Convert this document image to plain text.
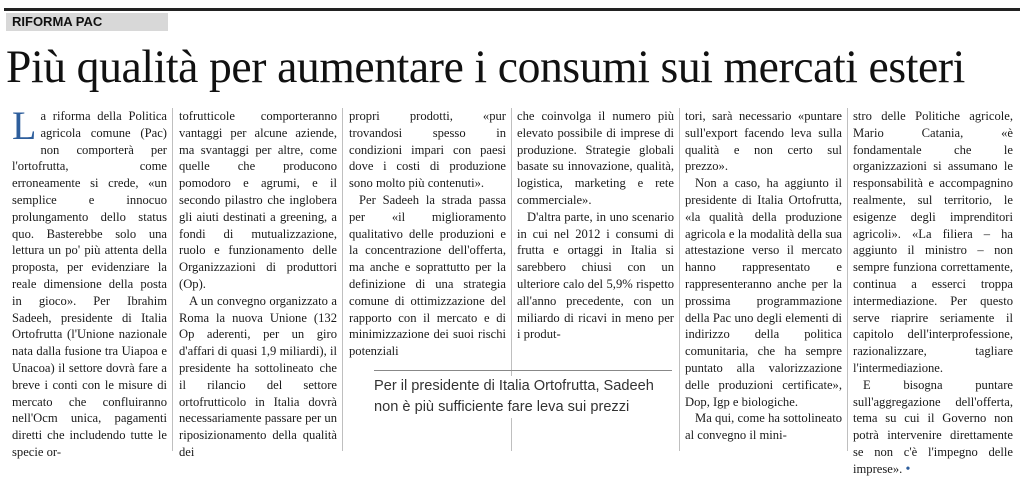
RIFORMA PAC
Più qualità per aumentare i consumi sui mercati esteri

La riforma della Politica agricola comune (Pac) non comporterà per l'ortofrutta, come erroneamente si crede, «un semplice e innocuo prolungamento dello status quo. Basterebbe solo una lettura un po' più attenta della proposta, per evidenziare la reale dimensione della posta in gioco». Per Ibrahim Sadeeh, presidente di Italia Ortofrutta (l'Unione nazionale nata dalla fusione tra Uiapoa e Unacoa) il settore dovrà fare a breve i conti con le misure di mercato che confluiranno nell'Ocm unica, pagamenti diretti che includendo tutte le specie or-

tofrutticole comporteranno vantaggi per alcune aziende, ma svantaggi per altre, come quelle che producono pomodoro e agrumi, e il secondo pilastro che inglobera gli aiuti destinati a greening, a fondi di mutualizzazione, ruolo e funzionamento delle Organizzazioni di produttori (Op).

A un convegno organizzato a Roma la nuova Unione (132 Op aderenti, per un giro d'affari di quasi 1,9 miliardi), il presidente ha sottolineato che il rilancio del settore ortofrutticolo in Italia dovrà necessariamente passare per un riposizionamento della qualità dei

propri prodotti, «pur trovandosi spesso in condizioni impari con paesi dove i costi di produzione sono molto più contenuti».

Per Sadeeh la strada passa per «il miglioramento qualitativo delle produzioni e la concentrazione dell'offerta, ma anche e soprattutto per la definizione di una strategia comune di ottimizzazione del rapporto con il mercato e di minimizzazione dei suoi rischi potenziali

che coinvolga il numero più elevato possibile di imprese di produzione. Strategie globali basate su innovazione, qualità, logistica, marketing e rete commerciale».

D'altra parte, in uno scenario in cui nel 2012 i consumi di frutta e ortaggi in Italia si sarebbero chiusi con un ulteriore calo del 5,9% rispetto all'anno precedente, con un miliardo di ricavi in meno per i produt-

tori, sarà necessario «puntare sull'export facendo leva sulla qualità e non certo sul prezzo».

Non a caso, ha aggiunto il presidente di Italia Ortofrutta, «la qualità della produzione agricola e la modalità della sua attestazione verso il mercato hanno rappresentato e rappresenteranno anche per la prossima programmazione della Pac uno degli elementi di indirizzo della politica comunitaria, che ha sempre puntato alla valorizzazione delle produzioni certificate», Dop, Igp e biologiche.

Ma qui, come ha sottolineato al convegno il mini-

stro delle Politiche agricole, Mario Catania, «è fondamentale che le organizzazioni si assumano le responsabilità e accompagnino realmente, sul territorio, le esigenze degli imprenditori agricoli». «La filiera – ha aggiunto il ministro – non sempre funziona correttamente, continua a esserci troppa intermediazione. Per questo serve riaprire seriamente il capitolo dell'interprofessione, razionalizzare, tagliare l'intermediazione.

E bisogna puntare sull'aggregazione dell'offerta, tema su cui il Governo non potrà intervenire direttamente se non c'è l'impegno delle imprese». •

Per il presidente di Italia Ortofrutta, Sadeeh non è più sufficiente fare leva sui prezzi
